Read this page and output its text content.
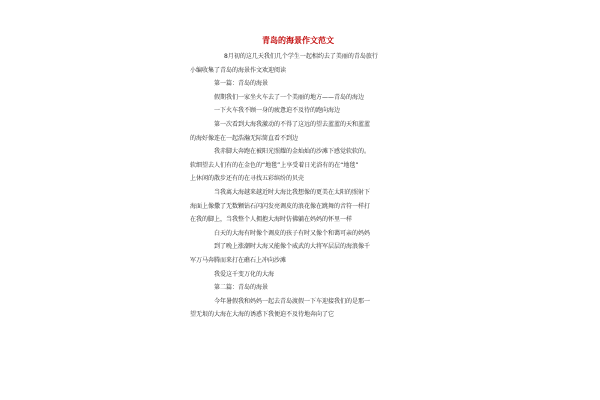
青岛的海景作文范文
8月初的这几天我们几个学生一起相约去了美丽的青岛旅行
小编收集了青岛的海景作文欢迎阅读
第一篇：青岛的海景
假期我们一家坐火车去了一个美丽的地方——青岛的海边
一下火车我不顾一身的疲惫迫不及待的跑向海边
第一次看到大海我激动的不得了这远的望去蓝蓝的天和蓝蓝
的海好像连在一起浩瀚无际简直看不到边
我赤脚大奔跑在被阳光照耀的金灿灿的沙滩下感觉软软的。
软细望去人们有的在金色的“地毯”上享受着日光浴有的在“地毯”
上休闲的散步还有的在寻找五彩缤纷的贝壳
当我离大海越来越近时大海比我想像的更美在太阳的照射下
海面上像撒了无数颗钻石闪闪发亮调皮的浪花像在跳舞的音符一样打
在我的脚上，当我整个人拥抱大海时仿佛躺在妈妈的怀里一样
白天的大海有时像个调皮的孩子有时又像个和蔼可亲的妈妈
到了晚上涨潮时大海又能像个威武的大将军层层的海浪像千
军万马奔腾而来打在礁石上冲向沙滩
我爱这千变万化的大海
第二篇：青岛的海景
今年暑假我和妈妈一起去青岛渡假一下车迎接我们的是那一
望无垠的大海在大海的诱惑下我便迫不及待地奔向了它
